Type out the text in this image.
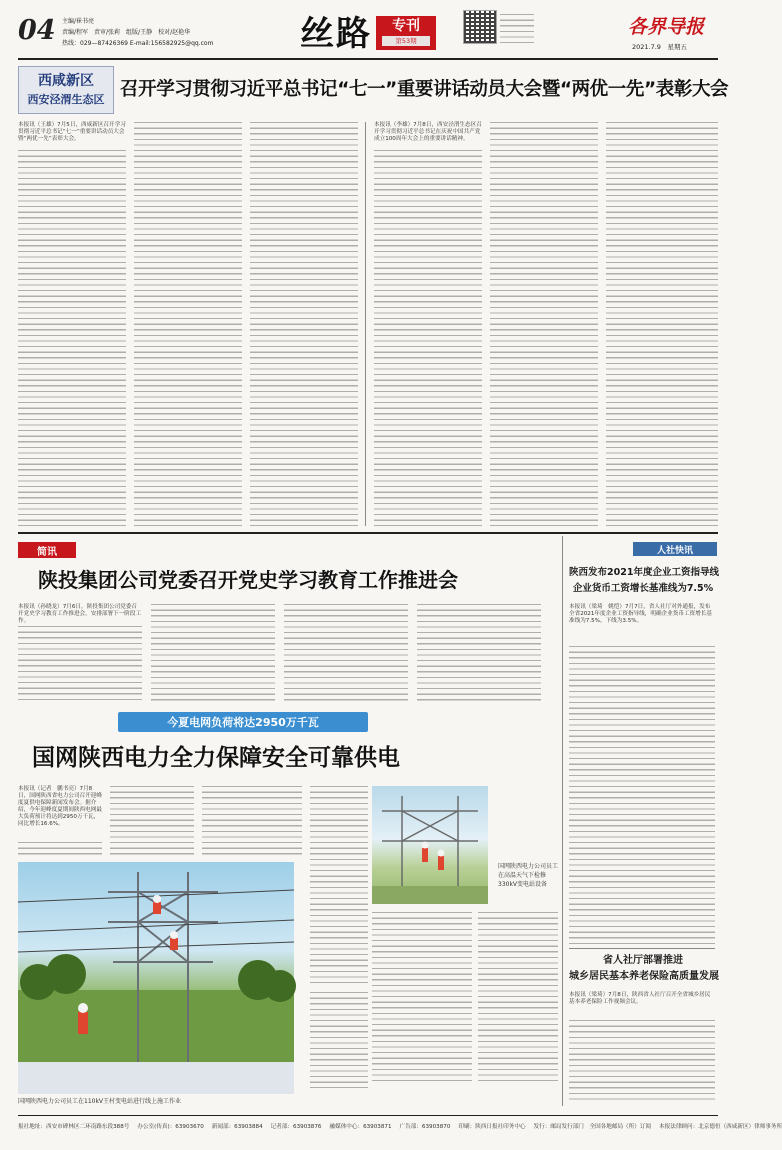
04 主编/崔书亮
责编/程军　责审/张莉　组版/王静　校对/赵艳华
热线：029—87426369 E-mail:156582925@qq.com	丝路	专刊
第53期
各界导报
2021.7.9　星期五
西咸新区
西安泾渭生态区 召开学习贯彻习近平总书记“七一”重要讲话动员大会暨“两优一先”表彰大会
本报讯（王雄）7月5日，西咸新区召开学习贯彻习近平总书记“七一”重要讲话动员大会暨“两优一先”表彰大会。
本报讯（李雄）7月8日，西安泾渭生态区召开学习贯彻习近平总书记在庆祝中国共产党成立100周年大会上的重要讲话精神。
简讯
陕投集团公司党委召开党史学习教育工作推进会
本报讯（孙晓龙）7月6日，陕投集团公司党委召开党史学习教育工作推进会，安排部署下一阶段工作。
人社快讯
陕西发布2021年度企业工资指导线
企业货币工资增长基准线为7.5%
本报讯（梁琦　姚恺）7月7日，省人社厅对外通报，发布全省2021年度企业工资指导线，明确企业货币工资增长基准线为7.5%，下线为3.5%。
省人社厅部署推进
城乡居民基本养老保险高质量发展
本报讯（梁琦）7月8日，陕西省人社厅召开全省城乡居民基本养老保险工作视频会议。
今夏电网负荷将达2950万千瓦
国网陕西电力全力保障安全可靠供电
本报讯（记者　鹏书亮）7月8日，国网陕西省电力公司召开迎峰度夏供电保障新闻发布会。据介绍，今年迎峰度夏期间陕西电网最大负荷预计将达到2950万千瓦，同比增长16.6%。
国网陕西电力公司员工在110kV王村变电站进行线上施工作业
国网陕西电力公司员工在高温天气下检修330kV变电站设备
报社地址：西安市碑林区二环南路东段388号 办公室(传真)：63903670 新闻部：63903884 记者部：63903876 融媒体中心：63903871 广告部：63903870 印刷：陕西日报社印务中心 发行：邮局发行部门　全国各地邮局（所）订阅 本报法律顾问：北京德恒（西咸新区）律师事务所
